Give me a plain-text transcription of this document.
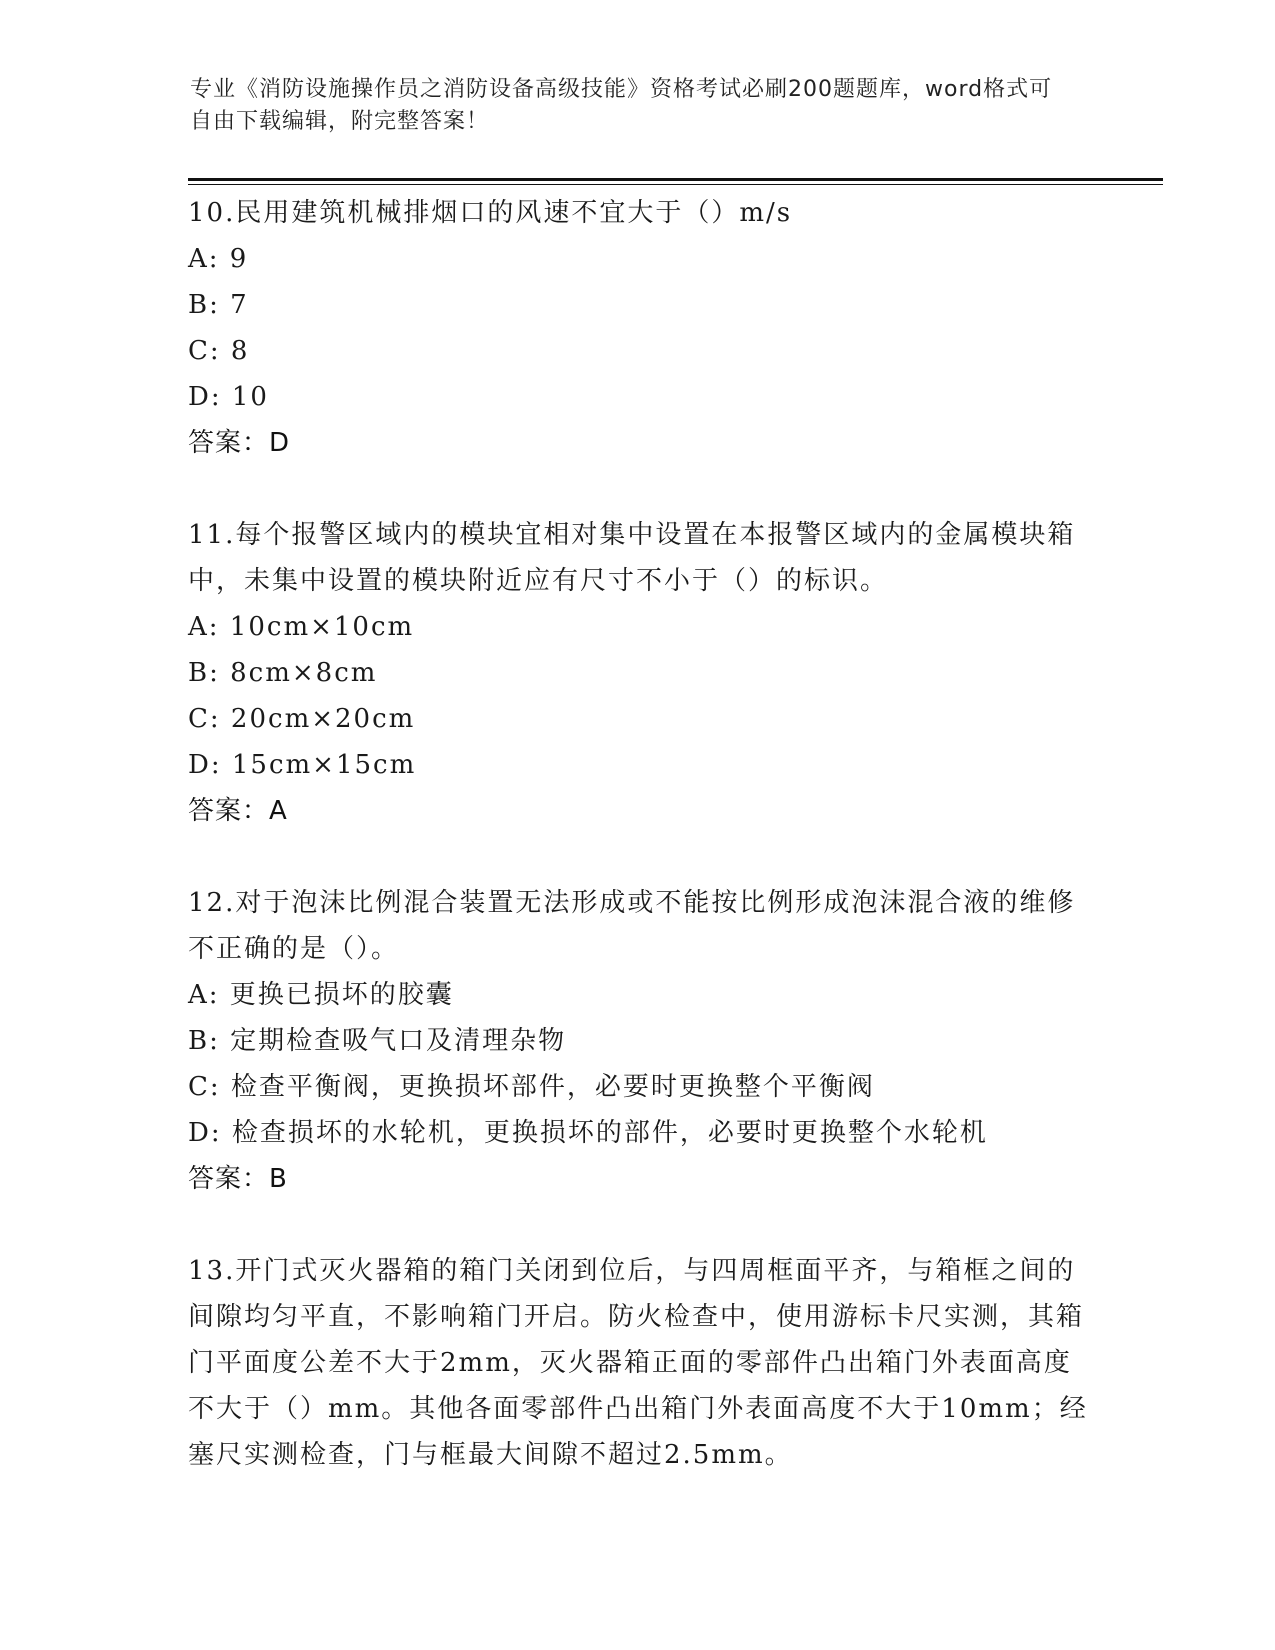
专业《消防设施操作员之消防设备高级技能》资格考试必刷200题题库，word格式可自由下载编辑，附完整答案！
10.民用建筑机械排烟口的风速不宜大于（）m/s
A: 9
B: 7
C: 8
D: 10
答案：D
11.每个报警区域内的模块宜相对集中设置在本报警区域内的金属模块箱中，未集中设置的模块附近应有尺寸不小于（）的标识。
A: 10cm×10cm
B: 8cm×8cm
C: 20cm×20cm
D: 15cm×15cm
答案：A
12.对于泡沫比例混合装置无法形成或不能按比例形成泡沫混合液的维修不正确的是（）。
A: 更换已损坏的胶囊
B: 定期检查吸气口及清理杂物
C: 检查平衡阀，更换损坏部件，必要时更换整个平衡阀
D: 检查损坏的水轮机，更换损坏的部件，必要时更换整个水轮机
答案：B
13.开门式灭火器箱的箱门关闭到位后，与四周框面平齐，与箱框之间的间隙均匀平直，不影响箱门开启。防火检查中，使用游标卡尺实测，其箱门平面度公差不大于2mm，灭火器箱正面的零部件凸出箱门外表面高度不大于（）mm。其他各面零部件凸出箱门外表面高度不大于10mm；经塞尺实测检查，门与框最大间隙不超过2.5mm。
